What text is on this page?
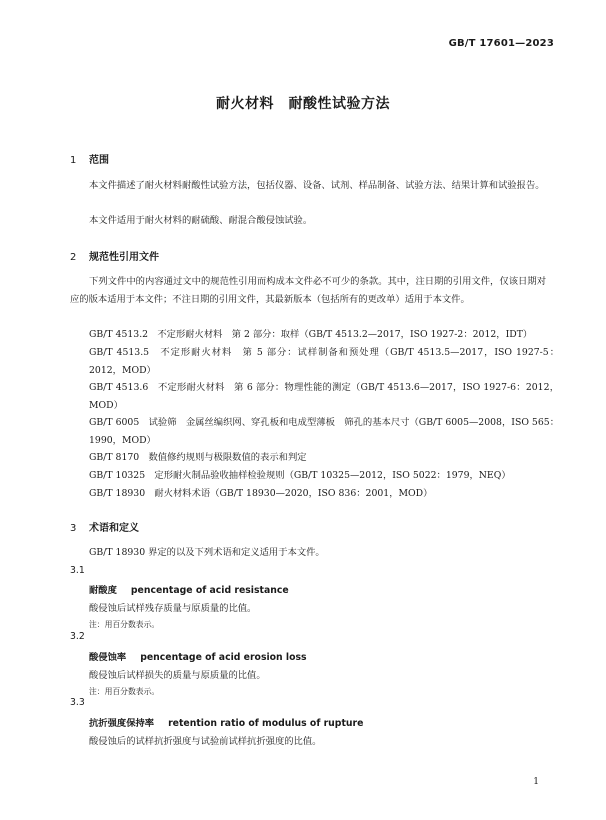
GB/T 17601—2023
耐火材料　耐酸性试验方法
1 范围
本文件描述了耐火材料耐酸性试验方法，包括仪器、设备、试剂、样品制备、试验方法、结果计算和试验报告。
本文件适用于耐火材料的耐硫酸、耐混合酸侵蚀试验。
2 规范性引用文件
下列文件中的内容通过文中的规范性引用而构成本文件必不可少的条款。其中，注日期的引用文件，仅该日期对应的版本适用于本文件；不注日期的引用文件，其最新版本（包括所有的更改单）适用于本文件。
GB/T 4513.2　不定形耐火材料　第 2 部分：取样（GB/T 4513.2—2017，ISO 1927-2：2012，IDT）
GB/T 4513.5　不定形耐火材料　第 5 部分：试样制备和预处理（GB/T 4513.5—2017，ISO 1927-5：2012，MOD）
GB/T 4513.6　不定形耐火材料　第 6 部分：物理性能的测定（GB/T 4513.6—2017，ISO 1927-6：2012，MOD）
GB/T 6005　试验筛　金属丝编织网、穿孔板和电成型薄板　筛孔的基本尺寸（GB/T 6005—2008，ISO 565：1990，MOD）
GB/T 8170　数值修约规则与极限数值的表示和判定
GB/T 10325　定形耐火制品验收抽样检验规则（GB/T 10325—2012，ISO 5022：1979，NEQ）
GB/T 18930　耐火材料术语（GB/T 18930—2020，ISO 836：2001，MOD）
3 术语和定义
GB/T 18930 界定的以及下列术语和定义适用于本文件。
3.1
耐酸度 pencentage of acid resistance
酸侵蚀后试样残存质量与原质量的比值。
注：用百分数表示。
3.2
酸侵蚀率 pencentage of acid erosion loss
酸侵蚀后试样损失的质量与原质量的比值。
注：用百分数表示。
3.3
抗折强度保持率 retention ratio of modulus of rupture
酸侵蚀后的试样抗折强度与试验前试样抗折强度的比值。
1
